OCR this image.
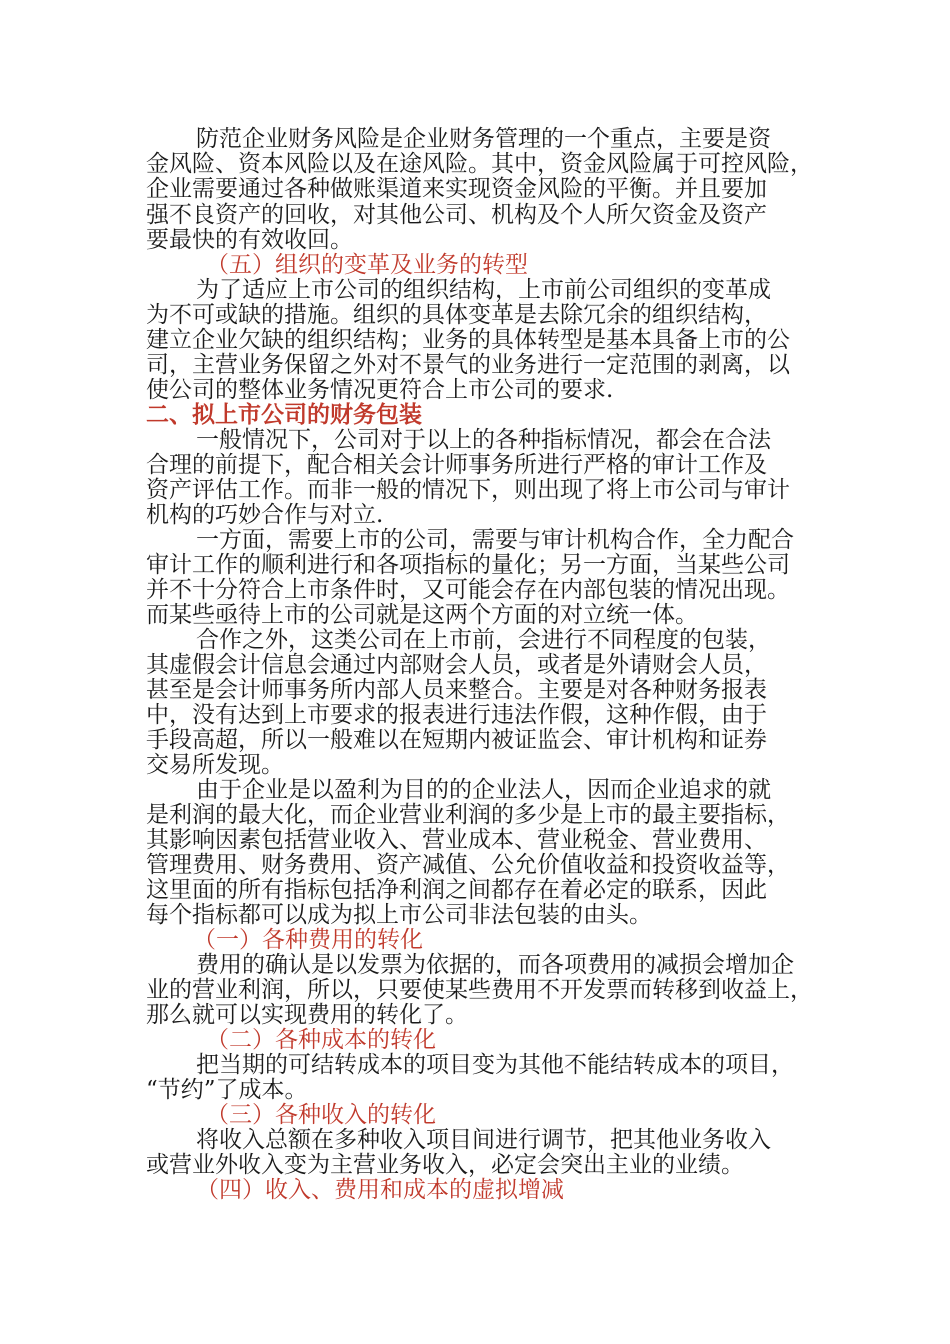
防范企业财务风险是企业财务管理的一个重点，主要是资
金风险、资本风险以及在途风险。其中，资金风险属于可控风险，
企业需要通过各种做账渠道来实现资金风险的平衡。并且要加
强不良资产的回收，对其他公司、机构及个人所欠资金及资产
要最快的有效收回。
（五）组织的变革及业务的转型
为了适应上市公司的组织结构，上市前公司组织的变革成
为不可或缺的措施。组织的具体变革是去除冗余的组织结构，
建立企业欠缺的组织结构；业务的具体转型是基本具备上市的公
司，主营业务保留之外对不景气的业务进行一定范围的剥离，以
使公司的整体业务情况更符合上市公司的要求.
二、拟上市公司的财务包装
一般情况下，公司对于以上的各种指标情况，都会在合法
合理的前提下，配合相关会计师事务所进行严格的审计工作及
资产评估工作。而非一般的情况下，则出现了将上市公司与审计
机构的巧妙合作与对立.
一方面，需要上市的公司，需要与审计机构合作，全力配合
审计工作的顺利进行和各项指标的量化；另一方面，当某些公司
并不十分符合上市条件时，又可能会存在内部包装的情况出现。
而某些亟待上市的公司就是这两个方面的对立统一体。
合作之外，这类公司在上市前，会进行不同程度的包装，
其虚假会计信息会通过内部财会人员，或者是外请财会人员，
甚至是会计师事务所内部人员来整合。主要是对各种财务报表
中，没有达到上市要求的报表进行违法作假，这种作假，由于
手段高超，所以一般难以在短期内被证监会、审计机构和证券
交易所发现。
由于企业是以盈利为目的的企业法人，因而企业追求的就
是利润的最大化，而企业营业利润的多少是上市的最主要指标，
其影响因素包括营业收入、营业成本、营业税金、营业费用、
管理费用、财务费用、资产减值、公允价值收益和投资收益等，
这里面的所有指标包括净利润之间都存在着必定的联系，因此
每个指标都可以成为拟上市公司非法包装的由头。
（一）各种费用的转化
费用的确认是以发票为依据的，而各项费用的减损会增加企
业的营业利润，所以，只要使某些费用不开发票而转移到收益上，
那么就可以实现费用的转化了。
（二）各种成本的转化
把当期的可结转成本的项目变为其他不能结转成本的项目，
“节约”了成本。
（三）各种收入的转化
将收入总额在多种收入项目间进行调节，把其他业务收入
或营业外收入变为主营业务收入，必定会突出主业的业绩。
（四）收入、费用和成本的虚拟增减
